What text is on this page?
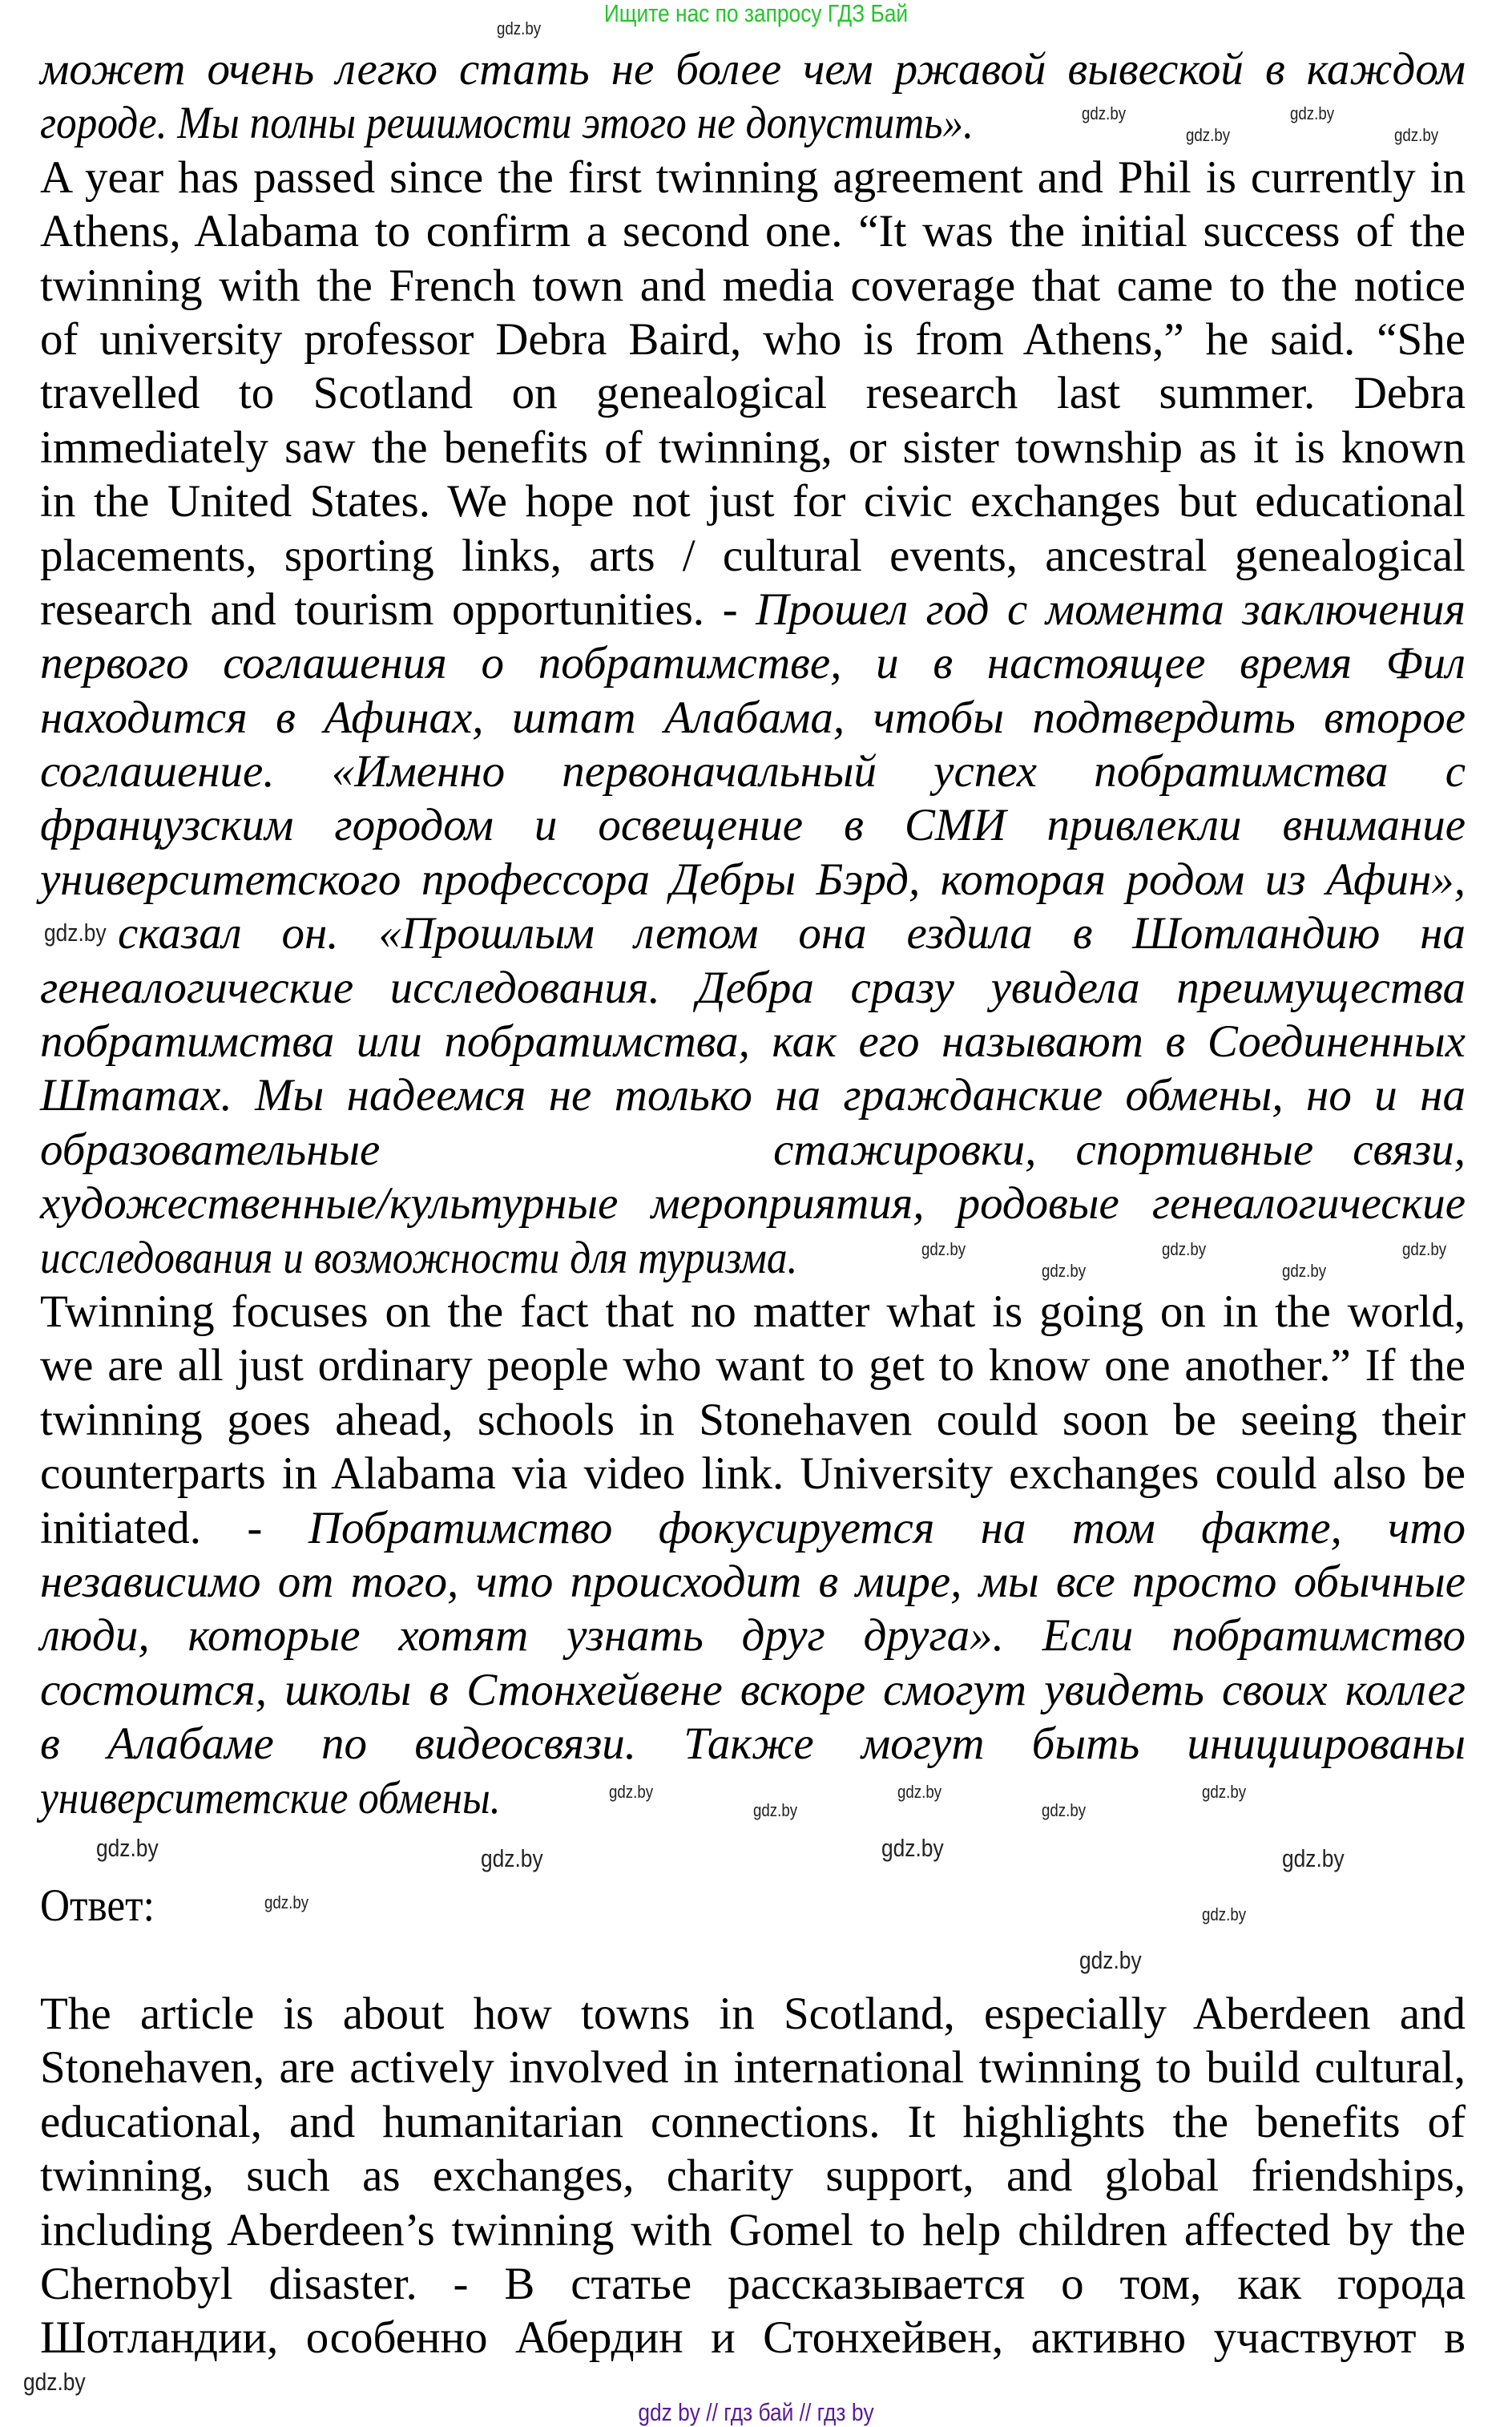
Ищите нас по запросу ГДЗ Бай
может очень легко стать не более чем ржавой вывеской в каждом
городе. Мы полны решимости этого не допустить».
A year has passed since the first twinning agreement and Phil is currently in
Athens, Alabama to confirm a second one. “It was the initial success of the
twinning with the French town and media coverage that came to the notice
of university professor Debra Baird, who is from Athens,” he said. “She
travelled to Scotland on genealogical research last summer. Debra
immediately saw the benefits of twinning, or sister township as it is known
in the United States. We hope not just for civic exchanges but educational
placements, sporting links, arts / cultural events, ancestral genealogical
research and tourism opportunities. - Прошел год с момента заключения
первого соглашения о побратимстве, и в настоящее время Фил
находится в Афинах, штат Алабама, чтобы подтвердить второе
соглашение. «Именно первоначальный успех побратимства с
французским городом и освещение в СМИ привлекли внимание
университетского профессора Дебры Бэрд, которая родом из Афин»,
сказал он. «Прошлым летом она ездила в Шотландию на
генеалогические исследования. Дебра сразу увидела преимущества
побратимства или побратимства, как его называют в Соединенных
Штатах. Мы надеемся не только на гражданские обмены, но и на
образовательные          стажировки, спортивные связи,
художественные/культурные мероприятия, родовые генеалогические
исследования и возможности для туризма.
Twinning focuses on the fact that no matter what is going on in the world,
we are all just ordinary people who want to get to know one another.” If the
twinning goes ahead, schools in Stonehaven could soon be seeing their
counterparts in Alabama via video link. University exchanges could also be
initiated. - Побратимство фокусируется на том факте, что
независимо от того, что происходит в мире, мы все просто обычные
люди, которые хотят узнать друг друга». Если побратимство
состоится, школы в Стонхейвене вскоре смогут увидеть своих коллег
в Алабаме по видеосвязи. Также могут быть инициированы
университетские обмены.
Ответ:
The article is about how towns in Scotland, especially Aberdeen and
Stonehaven, are actively involved in international twinning to build cultural,
educational, and humanitarian connections. It highlights the benefits of
twinning, such as exchanges, charity support, and global friendships,
including Aberdeen’s twinning with Gomel to help children affected by the
Chernobyl disaster. - В статье рассказывается о том, как города
Шотландии, особенно Абердин и Стонхейвен, активно участвуют в
gdz.by
gdz.by
gdz.by
gdz.by
gdz.by
gdz.by
gdz.by
gdz.by
gdz.by
gdz.by
gdz.by
gdz.by
gdz.by
gdz.by
gdz.by
gdz.by
gdz.by	gdz.by	gdz.by	gdz.by
gdz.by
gdz.by
gdz.by
gdz.by
gdz by // гдз бай // гдз by
